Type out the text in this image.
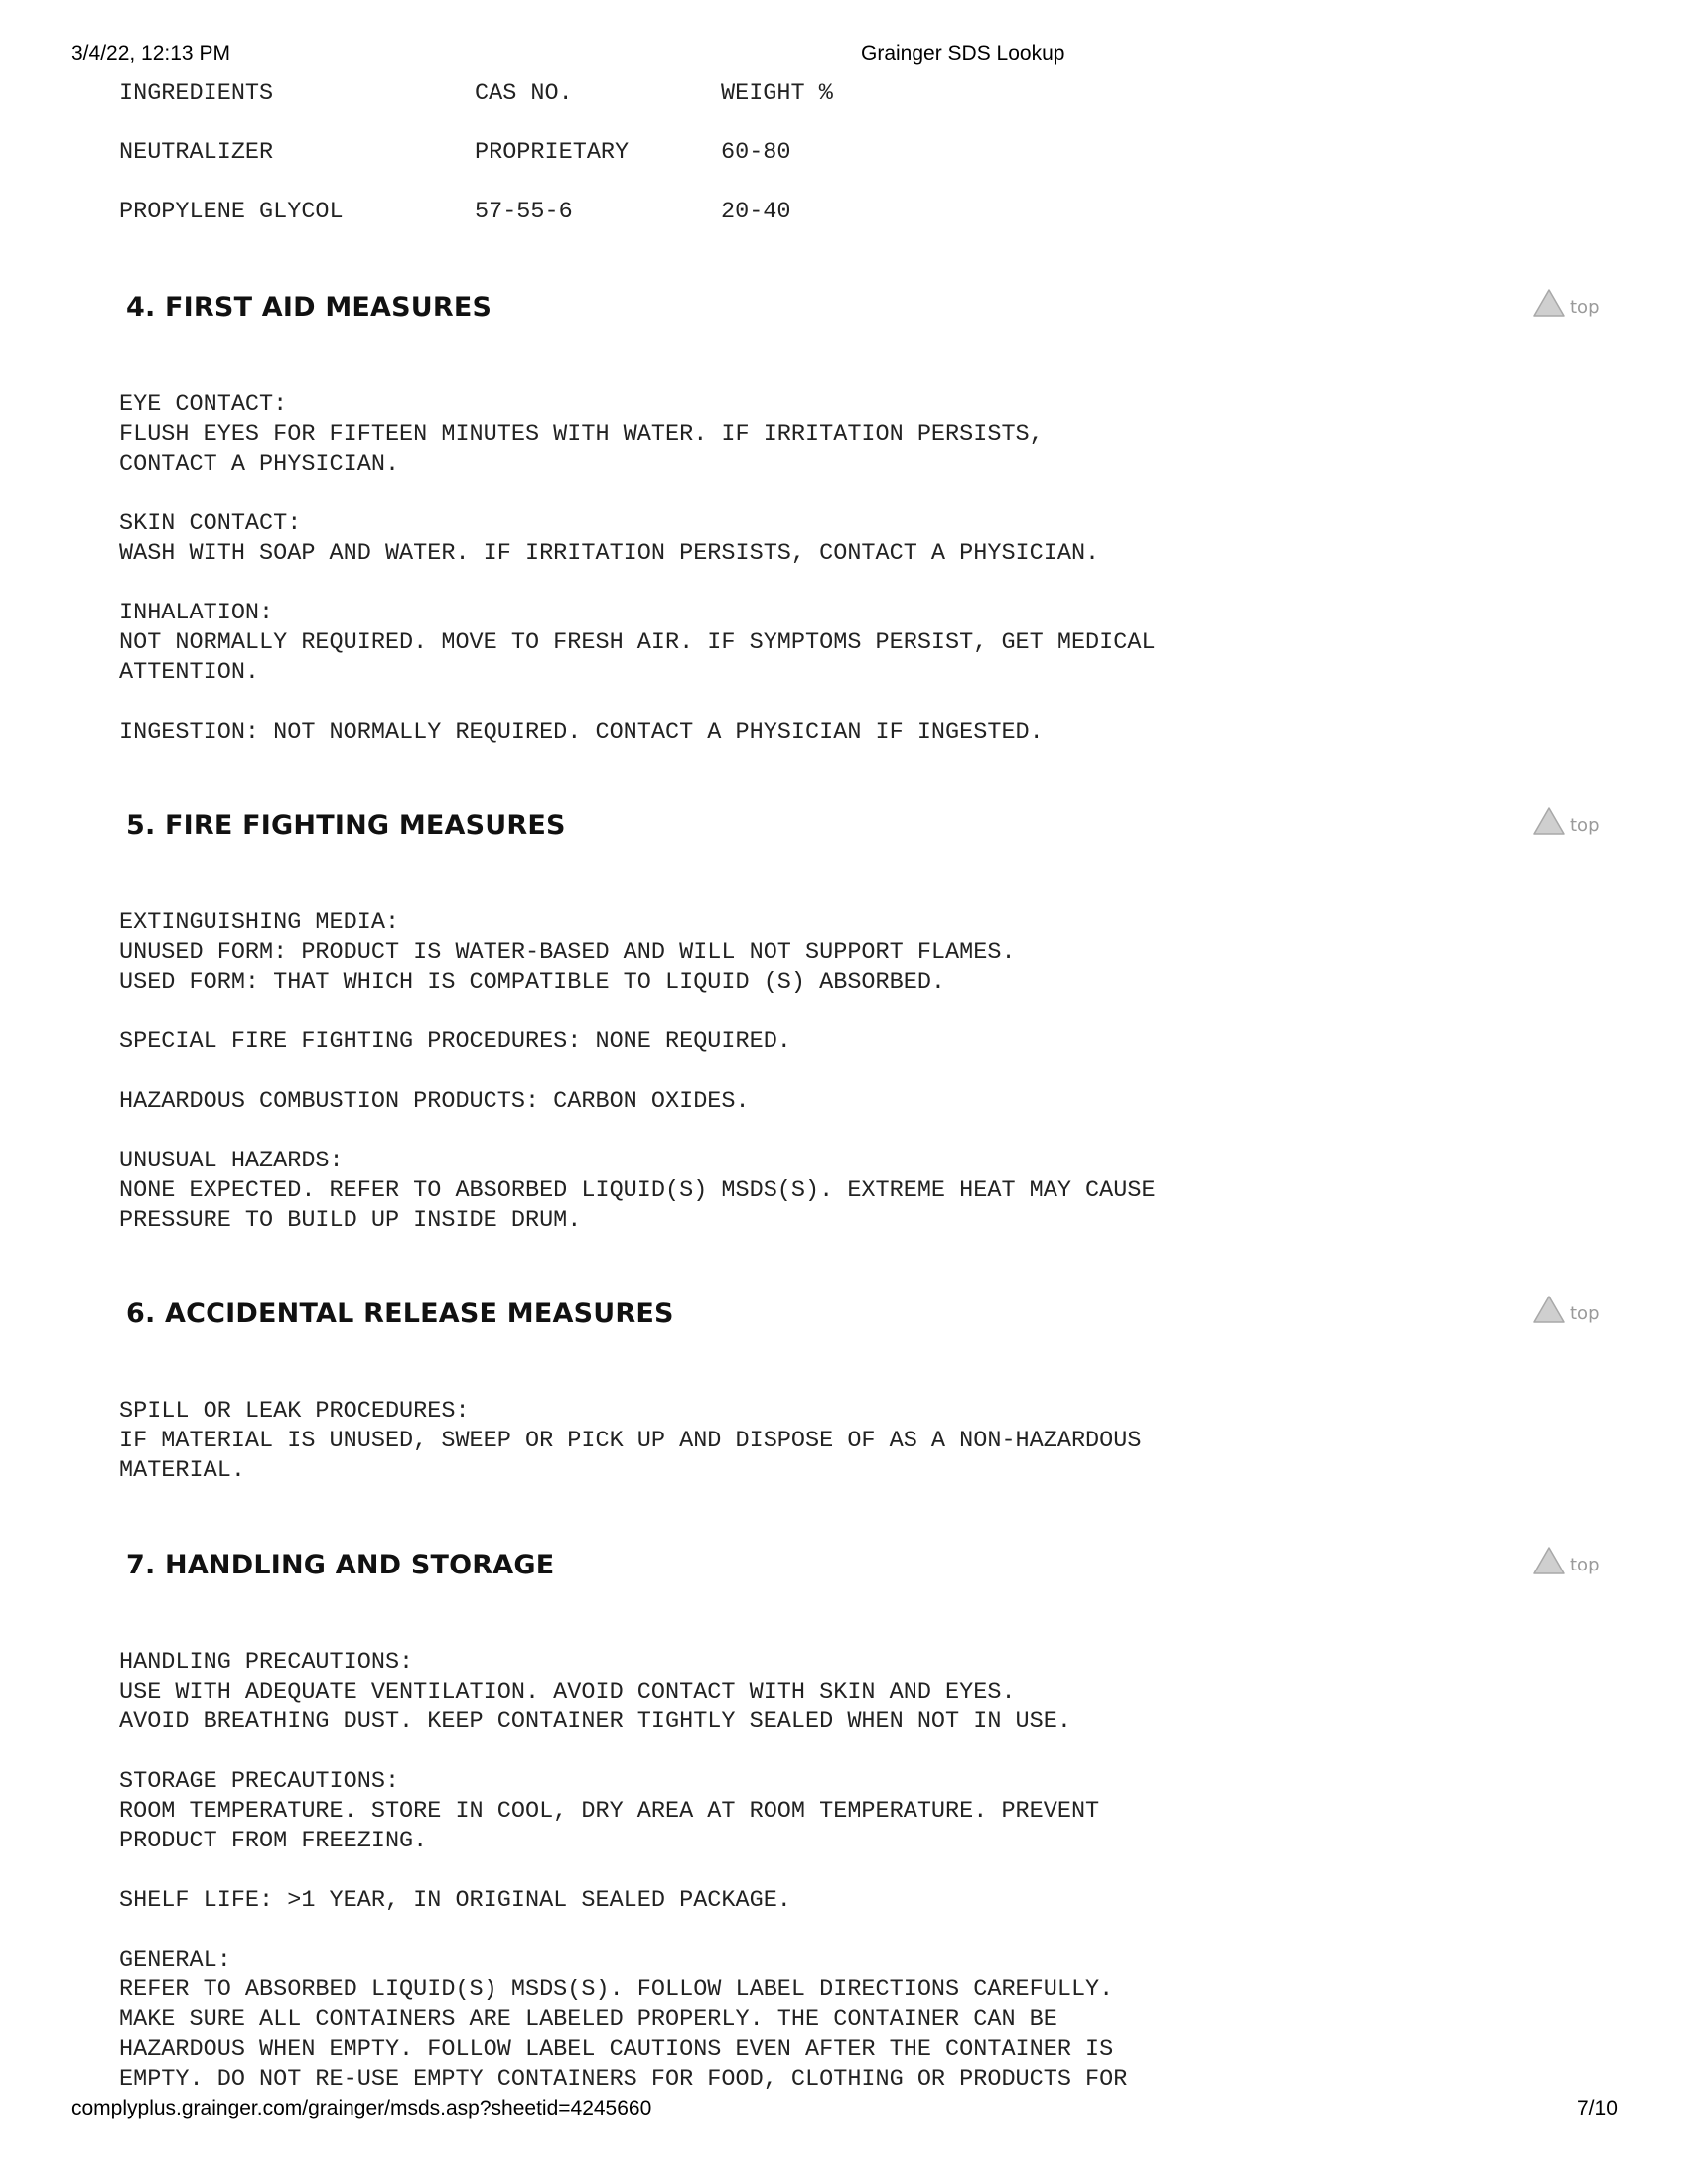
3/4/22, 12:13 PM	Grainger SDS Lookup
INGREDIENTS	CAS NO.	WEIGHT %
NEUTRALIZER	PROPRIETARY	60-80
PROPYLENE GLYCOL	57-55-6	20-40
4. FIRST AID MEASURES	top
EYE CONTACT:
FLUSH EYES FOR FIFTEEN MINUTES WITH WATER. IF IRRITATION PERSISTS,
CONTACT A PHYSICIAN.
SKIN CONTACT:
WASH WITH SOAP AND WATER. IF IRRITATION PERSISTS, CONTACT A PHYSICIAN.
INHALATION:
NOT NORMALLY REQUIRED. MOVE TO FRESH AIR. IF SYMPTOMS PERSIST, GET MEDICAL
ATTENTION.
INGESTION: NOT NORMALLY REQUIRED. CONTACT A PHYSICIAN IF INGESTED.
5. FIRE FIGHTING MEASURES	top
EXTINGUISHING MEDIA:
UNUSED FORM: PRODUCT IS WATER-BASED AND WILL NOT SUPPORT FLAMES.
USED FORM: THAT WHICH IS COMPATIBLE TO LIQUID (S) ABSORBED.
SPECIAL FIRE FIGHTING PROCEDURES: NONE REQUIRED.
HAZARDOUS COMBUSTION PRODUCTS: CARBON OXIDES.
UNUSUAL HAZARDS:
NONE EXPECTED. REFER TO ABSORBED LIQUID(S) MSDS(S). EXTREME HEAT MAY CAUSE
PRESSURE TO BUILD UP INSIDE DRUM.
6. ACCIDENTAL RELEASE MEASURES	top
SPILL OR LEAK PROCEDURES:
IF MATERIAL IS UNUSED, SWEEP OR PICK UP AND DISPOSE OF AS A NON-HAZARDOUS
MATERIAL.
7. HANDLING AND STORAGE	top
HANDLING PRECAUTIONS:
USE WITH ADEQUATE VENTILATION. AVOID CONTACT WITH SKIN AND EYES.
AVOID BREATHING DUST. KEEP CONTAINER TIGHTLY SEALED WHEN NOT IN USE.
STORAGE PRECAUTIONS:
ROOM TEMPERATURE. STORE IN COOL, DRY AREA AT ROOM TEMPERATURE. PREVENT
PRODUCT FROM FREEZING.
SHELF LIFE: >1 YEAR, IN ORIGINAL SEALED PACKAGE.
GENERAL:
REFER TO ABSORBED LIQUID(S) MSDS(S). FOLLOW LABEL DIRECTIONS CAREFULLY.
MAKE SURE ALL CONTAINERS ARE LABELED PROPERLY. THE CONTAINER CAN BE
HAZARDOUS WHEN EMPTY. FOLLOW LABEL CAUTIONS EVEN AFTER THE CONTAINER IS
EMPTY. DO NOT RE-USE EMPTY CONTAINERS FOR FOOD, CLOTHING OR PRODUCTS FOR
complyplus.grainger.com/grainger/msds.asp?sheetid=4245660	7/10
